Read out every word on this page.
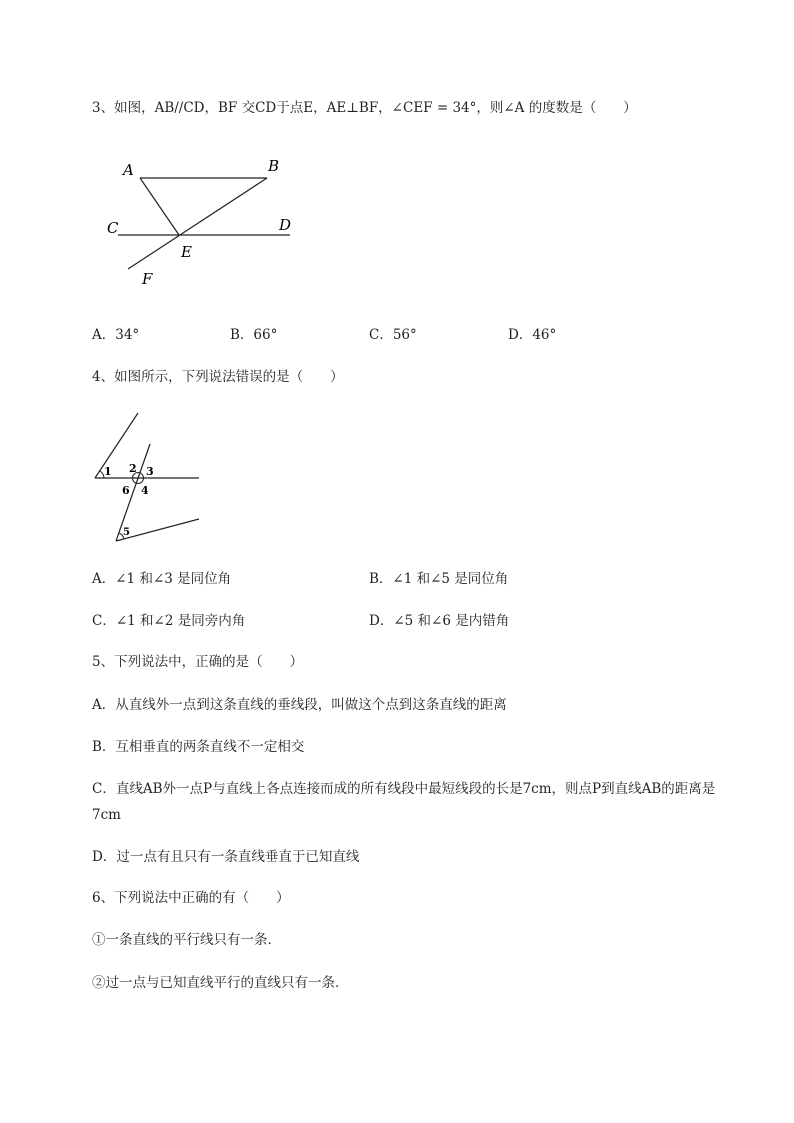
3、如图，AB//CD，BF 交CD于点E，AE⊥BF，∠CEF = 34°，则∠A 的度数是（　　）
A	B
C	D
E
F
A．34°	B．66°	C．56°	D．46°
4、如图所示，下列说法错误的是（　　）
1 2 3
4
5
6
A．∠1 和∠3 是同位角	B．∠1 和∠5 是同位角
C．∠1 和∠2 是同旁内角	D．∠5 和∠6 是内错角
5、下列说法中，正确的是（　　）
A．从直线外一点到这条直线的垂线段，叫做这个点到这条直线的距离
B．互相垂直的两条直线不一定相交
C．直线AB外一点P与直线上各点连接而成的所有线段中最短线段的长是7cm，则点P到直线AB的距离是7cm
D．过一点有且只有一条直线垂直于已知直线
6、下列说法中正确的有（　　）
①一条直线的平行线只有一条．
②过一点与已知直线平行的直线只有一条．
